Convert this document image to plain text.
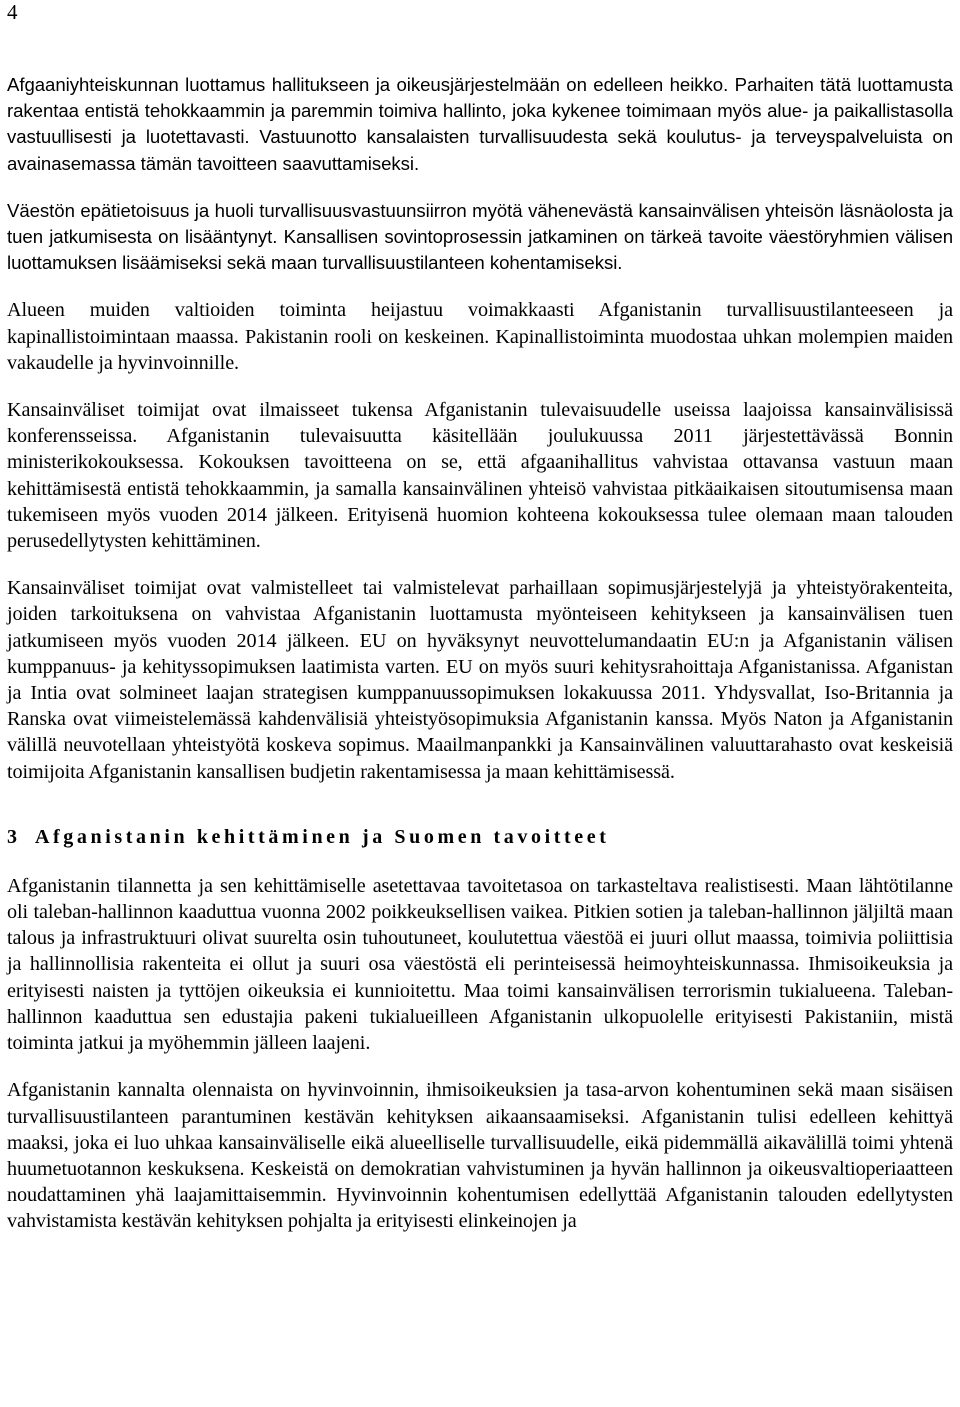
4

Afgaaniyhteiskunnan luottamus hallitukseen ja oikeusjärjestelmään on edelleen heikko. Parhaiten tätä luottamusta rakentaa entistä tehokkaammin ja paremmin toimiva hallinto, joka kykenee toimimaan myös alue- ja paikallistasolla vastuullisesti ja luotettavasti. Vastuunotto kansalaisten turvallisuudesta sekä koulutus- ja terveyspalveluista on avainasemassa tämän tavoitteen saavuttamiseksi.

Väestön epätietoisuus ja huoli turvallisuusvastuunsiirron myötä vähenevästä kansainvälisen yhteisön läsnäolosta ja tuen jatkumisesta on lisääntynyt. Kansallisen sovintoprosessin jatkaminen on tärkeä tavoite väestöryhmien välisen luottamuksen lisäämiseksi sekä maan turvallisuustilanteen kohentamiseksi.

Alueen muiden valtioiden toiminta heijastuu voimakkaasti Afganistanin turvallisuustilanteeseen ja kapinallistoimintaan maassa. Pakistanin rooli on keskeinen. Kapinallistoiminta muodostaa uhkan molempien maiden vakaudelle ja hyvinvoinnille.

Kansainväliset toimijat ovat ilmaisseet tukensa Afganistanin tulevaisuudelle useissa laajoissa kansainvälisissä konferensseissa. Afganistanin tulevaisuutta käsitellään joulukuussa 2011 järjestettävässä Bonnin ministerikokouksessa. Kokouksen tavoitteena on se, että afgaanihallitus vahvistaa ottavansa vastuun maan kehittämisestä entistä tehokkaammin, ja samalla kansainvälinen yhteisö vahvistaa pitkäaikaisen sitoutumisensa maan tukemiseen myös vuoden 2014 jälkeen. Erityisenä huomion kohteena kokouksessa tulee olemaan maan talouden perusedellytysten kehittäminen.

Kansainväliset toimijat ovat valmistelleet tai valmistelevat parhaillaan sopimusjärjestelyjä ja yhteistyörakenteita, joiden tarkoituksena on vahvistaa Afganistanin luottamusta myönteiseen kehitykseen ja kansainvälisen tuen jatkumiseen myös vuoden 2014 jälkeen. EU on hyväksynyt neuvottelumandaatin EU:n ja Afganistanin välisen kumppanuus- ja kehityssopimuksen laatimista varten. EU on myös suuri kehitysrahoittaja Afganistanissa. Afganistan ja Intia ovat solmineet laajan strategisen kumppanuussopimuksen lokakuussa 2011. Yhdysvallat, Iso-Britannia ja Ranska ovat viimeistelemässä kahdenvälisiä yhteistyösopimuksia Afganistanin kanssa. Myös Naton ja Afganistanin välillä neuvotellaan yhteistyötä koskeva sopimus. Maailmanpankki ja Kansainvälinen valuuttarahasto ovat keskeisiä toimijoita Afganistanin kansallisen budjetin rakentamisessa ja maan kehittämisessä.

3 Afganistanin kehittäminen ja Suomen tavoitteet

Afganistanin tilannetta ja sen kehittämiselle asetettavaa tavoitetasoa on tarkasteltava realistisesti. Maan lähtötilanne oli taleban-hallinnon kaaduttua vuonna 2002 poikkeuksellisen vaikea. Pitkien sotien ja taleban-hallinnon jäljiltä maan talous ja infrastruktuuri olivat suurelta osin tuhoutuneet, koulutettua väestöä ei juuri ollut maassa, toimivia poliittisia ja hallinnollisia rakenteita ei ollut ja suuri osa väestöstä eli perinteisessä heimoyhteiskunnassa. Ihmisoikeuksia ja erityisesti naisten ja tyttöjen oikeuksia ei kunnioitettu. Maa toimi kansainvälisen terrorismin tukialueena. Taleban-hallinnon kaaduttua sen edustajia pakeni tukialueilleen Afganistanin ulkopuolelle erityisesti Pakistaniin, mistä toiminta jatkui ja myöhemmin jälleen laajeni.

Afganistanin kannalta olennaista on hyvinvoinnin, ihmisoikeuksien ja tasa-arvon kohentuminen sekä maan sisäisen turvallisuustilanteen parantuminen kestävän kehityksen aikaansaamiseksi. Afganistanin tulisi edelleen kehittyä maaksi, joka ei luo uhkaa kansainväliselle eikä alueelliselle turvallisuudelle, eikä pidemmällä aikavälillä toimi yhtenä huumetuotannon keskuksena. Keskeistä on demokratian vahvistuminen ja hyvän hallinnon ja oikeusvaltioperiaatteen noudattaminen yhä laajamittaisemmin. Hyvinvoinnin kohentumisen edellyttää Afganistanin talouden edellytysten vahvistamista kestävän kehityksen pohjalta ja erityisesti elinkeinojen ja
